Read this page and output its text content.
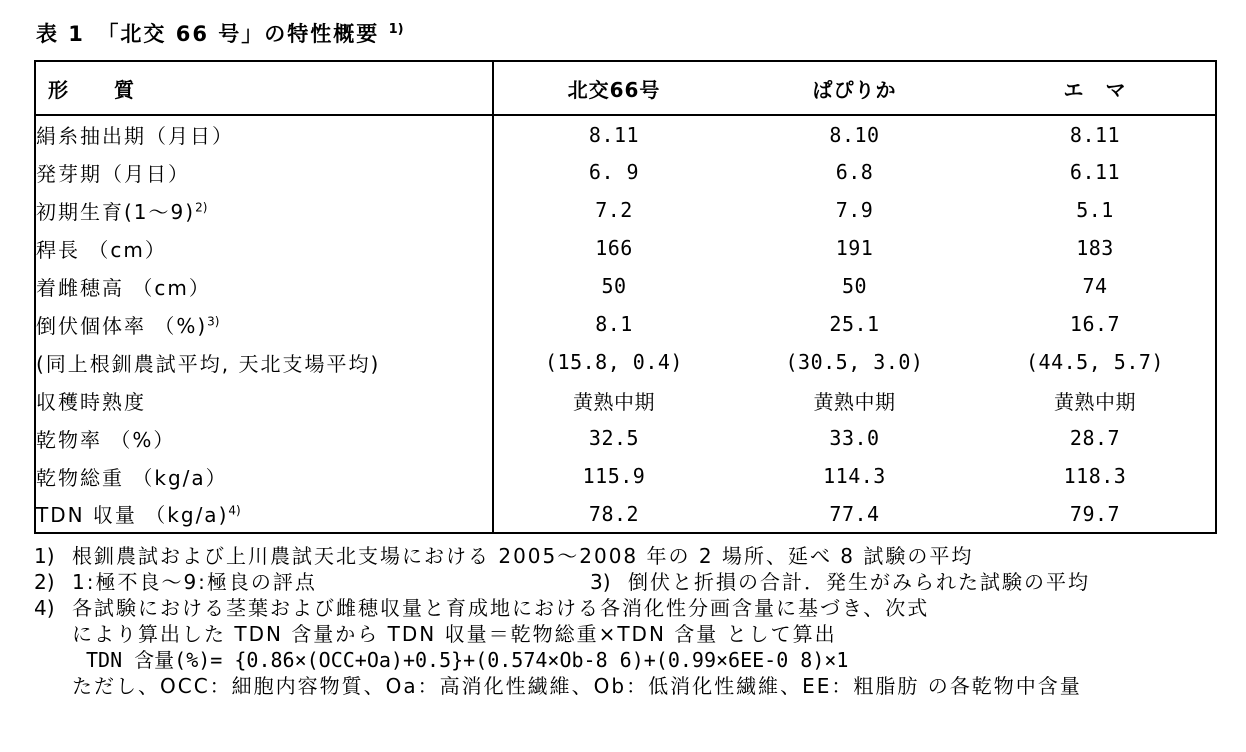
表 1　「北交 66 号」の特性概要 $^{1)}$
形　　質	北交66号	ぱぴりか	エ　マ
絹糸抽出期（月日）	8.11	8.10	8.11
発芽期（月日）	6. 9	6.8	6.11
初期生育(1～9)$^{2)}$	7.2	7.9	5.1
稈長 （cm）	166	191	183
着雌穂高 （cm）	50	50	74
倒伏個体率 （%)$^{3)}$	8.1	25.1	16.7
(同上根釧農試平均, 天北支場平均)	(15.8, 0.4)	(30.5, 3.0)	(44.5, 5.7)
収穫時熟度	黄熟中期	黄熟中期	黄熟中期
乾物率 （%）	32.5	33.0	28.7
乾物総重 （kg/a）	115.9	114.3	118.3
TDN 収量 （kg/a)$^{4)}$	78.2	77.4	79.7
1) 根釧農試および上川農試天北支場における 2005～2008 年の 2 場所、延べ 8 試験の平均
2) 1:極不良～9:極良の評点	3) 倒伏と折損の合計．発生がみられた試験の平均
4) 各試験における茎葉および雌穂収量と育成地における各消化性分画含量に基づき、次式
により算出した TDN 含量から TDN 収量＝乾物総重×TDN 含量 として算出
TDN 含量(%)= {0.86×(OCC+Oa)+0.5}+(0.574×Ob-8 6)+(0.99×6EE-0 8)×1
ただし、OCC：細胞内容物質、Oa：高消化性繊維、Ob：低消化性繊維、EE：粗脂肪 の各乾物中含量
